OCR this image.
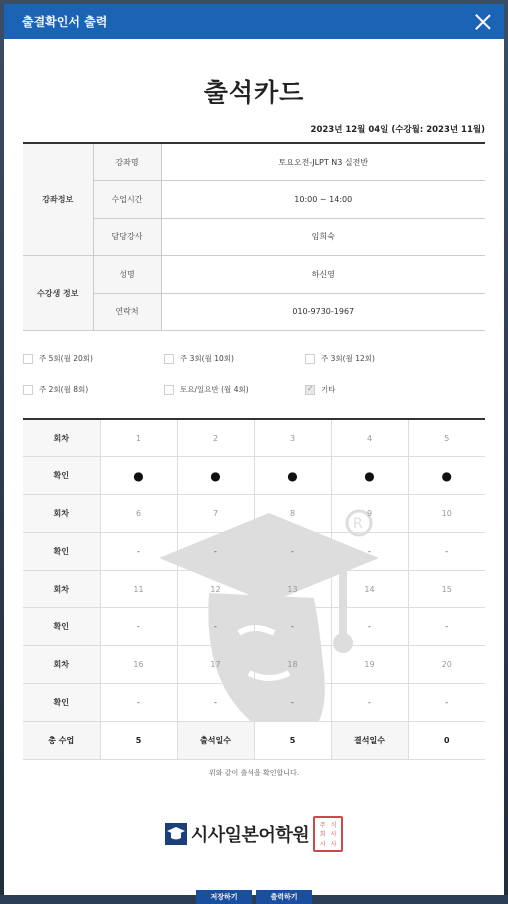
출결확인서 출력
R
출석카드
2023년 12월 04일 (수강월: 2023년 11월)
강좌정보	강좌명	토요오전-JLPT N3 실전반
	수업시간	10:00 ~ 14:00
	담당강사	임희숙
수강생 정보	성명	하신영
	연락처	010-9730-1967
주 5회(월 20회)	주 3회(월 10회)	주 3회(월 12회)
주 2회(월 8회)	토요/일요반 (월 4회) ✓	기타
회차	1	2	3	4	5
확인	●	●	●	●	●
회차	6	7	8	9	10
확인	-	-	-	-	-
회차	11	12	13	14	15
확인	-	-	-	-	-
회차	16	17	18	19	20
확인	-	-	-	-	-
총 수업	5	출석일수	5	결석일수	0
위와 같이 출석을 확인합니다.
시사일본어학원 주 식
회 사
시 사
저장하기	출력하기
